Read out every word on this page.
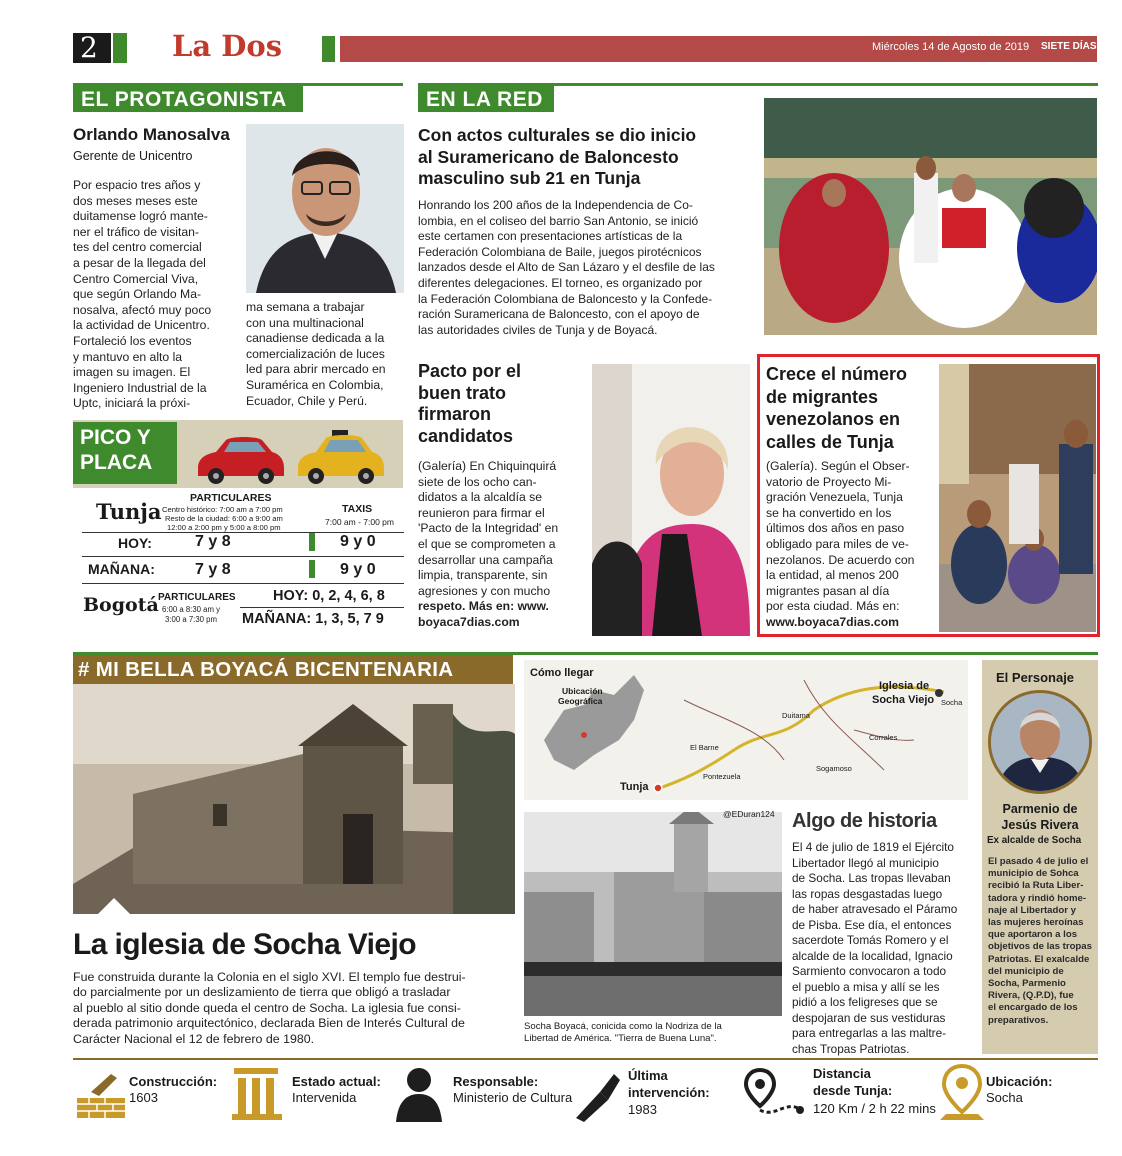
2	La Dos	Miércoles 14 de Agosto de 2019 SIETE DÍAS
EL PROTAGONISTA
Orlando Manosalva
Gerente de Unicentro
Por espacio tres años y
dos meses meses este
duitamense logró mante-
ner el tráfico de visitan-
tes del centro comercial
a pesar de la llegada del
Centro Comercial Viva,
que según Orlando Ma-
nosalva, afectó muy poco
la actividad de Unicentro.
Fortaleció los eventos
y mantuvo en alto la
imagen su imagen. El
Ingeniero Industrial de la
Uptc, iniciará la próxi-
ma semana a trabajar
con una multinacional
canadiense dedicada a la
comercialización de luces
led para abrir mercado en
Suramérica en Colombia,
Ecuador, Chile y Perú.
PICO Y
PLACA
Tunja
PARTICULARES
Centro histórico: 7:00 am a 7:00 pm
Resto de la ciudad: 6:00 a 9:00 am
12:00 a 2:00 pm y 5:00 a 8:00 pm
TAXIS
7:00 am - 7:00 pm
HOY:	7 y 8	9 y 0
MAÑANA:	7 y 8	9 y 0
Bogotá PARTICULARES
6:00 a 8:30 am y
3:00 a 7:30 pm
HOY: 0, 2, 4, 6, 8
MAÑANA: 1, 3, 5, 7 9
EN LA RED
Con actos culturales se dio inicio
al Suramericano de Baloncesto
masculino sub 21 en Tunja
Honrando los 200 años de la Independencia de Co-
lombia, en el coliseo del barrio San Antonio, se inició
este certamen con presentaciones artísticas de la
Federación Colombiana de Baile, juegos pirotécnicos
lanzados desde el Alto de San Lázaro y el desfile de las
diferentes delegaciones. El torneo, es organizado por
la Federación Colombiana de Baloncesto y la Confede-
ración Suramericana de Baloncesto, con el apoyo de
las autoridades civiles de Tunja y de Boyacá.
Pacto por el
buen trato
firmaron
candidatos
(Galería) En Chiquinquirá
siete de los ocho can-
didatos a la alcaldía se
reunieron para firmar el
'Pacto de la Integridad' en
el que se comprometen a
desarrollar una campaña
limpia, transparente, sin
agresiones y con mucho
respeto. Más en: www.
boyaca7dias.com
Crece el número
de migrantes
venezolanos en
calles de Tunja
(Galería). Según el Obser-
vatorio de Proyecto Mi-
gración Venezuela, Tunja
se ha convertido en los
últimos dos años en paso
obligado para miles de ve-
nezolanos. De acuerdo con
la entidad, al menos 200
migrantes pasan al día
por esta ciudad. Más en:
www.boyaca7dias.com
# MI BELLA BOYACÁ BICENTENARIA
La iglesia de Socha Viejo
Fue construida durante la Colonia en el siglo XVI. El templo fue destrui-
do parcialmente por un deslizamiento de tierra que obligó a trasladar
al pueblo al sitio donde queda el centro de Socha. La iglesia fue consi-
derada patrimonio arquitectónico, declarada Bien de Interés Cultural de
Carácter Nacional el 12 de febrero de 1980.
Cómo llegar
Ubicación
Geográfica
Iglesia de
Socha Viejo Socha
Duitama
Corrales
El Barne
Sogamoso
Pontezuela
Tunja
@EDuran124
Socha Boyacá, conicida como la Nodriza de la
Libertad de América. "Tierra de Buena Luna".
Algo de historia
El 4 de julio de 1819 el Ejército
Libertador llegó al municipio
de Socha. Las tropas llevaban
las ropas desgastadas luego
de haber atravesado el Páramo
de Pisba. Ese día, el entonces
sacerdote Tomás Romero y el
alcalde de la localidad, Ignacio
Sarmiento convocaron a todo
el pueblo a misa y allí se les
pidió a los feligreses que se
despojaran de sus vestiduras
para entregarlas a las maltre-
chas Tropas Patriotas.
El Personaje
Parmenio de
Jesús Rivera
Ex alcalde de Socha
El pasado 4 de julio el
municipio de Sohca
recibió la Ruta Liber-
tadora y rindió home-
naje al Libertador y
las mujeres heroínas
que aportaron a los
objetivos de las tropas
Patriotas. El exalcalde
del municipio de
Socha, Parmenio
Rivera, (Q.P.D), fue
el encargado de los
preparativos.
Construcción:
1603
Estado actual:
Intervenida
Responsable:
Ministerio de Cultura
Última
intervención:
1983
Distancia
desde Tunja:
120 Km / 2 h 22 mins
Ubicación:
Socha
